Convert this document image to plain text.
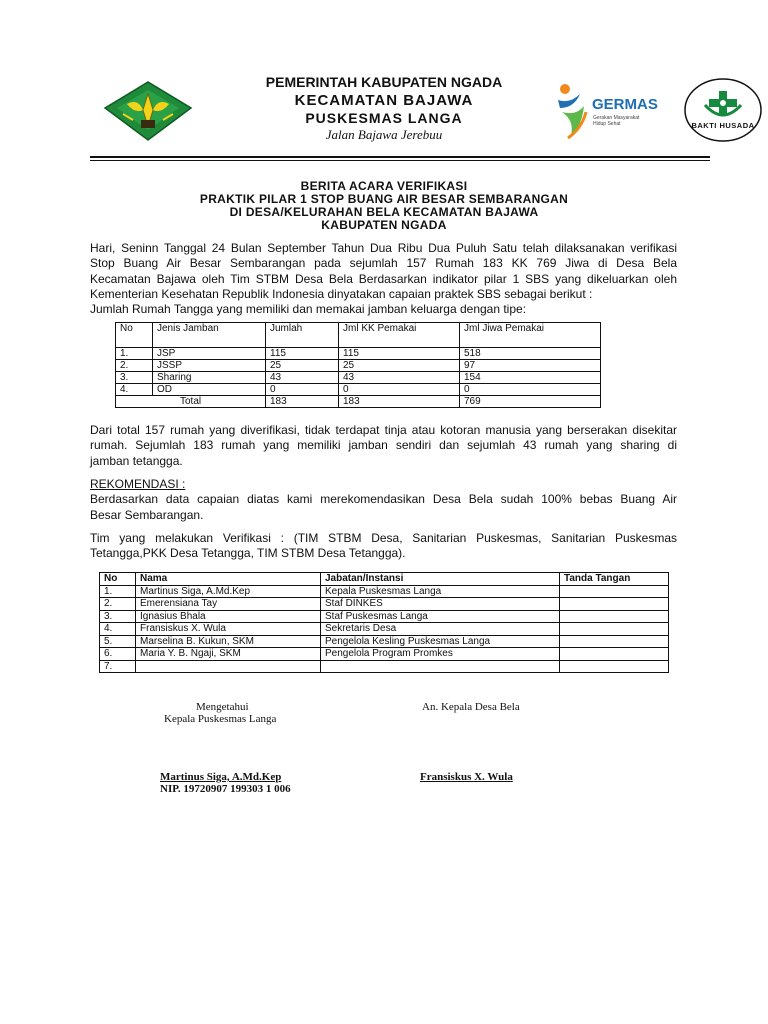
PEMERINTAH KABUPATEN NGADA
KECAMATAN BAJAWA
PUSKESMAS LANGA
Jalan Bajawa Jerebuu
GERMAS
Gerakan Masyarakat
Hidup Sehat	BAKTI HUSADA
BERITA ACARA VERIFIKASI
PRAKTIK PILAR 1 STOP BUANG AIR BESAR SEMBARANGAN
DI DESA/KELURAHAN BELA KECAMATAN BAJAWA
KABUPATEN NGADA
Hari, Seninn Tanggal 24 Bulan September Tahun Dua Ribu Dua Puluh Satu telah dilaksanakan verifikasi
Stop Buang Air Besar Sembarangan pada sejumlah 157 Rumah 183 KK 769 Jiwa di Desa Bela
Kecamatan Bajawa oleh Tim STBM Desa Bela Berdasarkan indikator pilar 1 SBS yang dikeluarkan oleh
Kementerian Kesehatan Republik Indonesia dinyatakan capaian praktek SBS sebagai berikut :
Jumlah Rumah Tangga yang memiliki dan memakai jamban keluarga dengan tipe:
No	Jenis Jamban	Jumlah	Jml KK Pemakai	Jml Jiwa Pemakai
1.	JSP	115	115	518
2.	JSSP	25	25	97
3.	Sharing	43	43	154
4.	OD	0	0	0
Total		183	183	769
Dari total 157 rumah yang diverifikasi, tidak terdapat tinja atau kotoran manusia yang berserakan disekitar
rumah. Sejumlah 183 rumah yang memiliki jamban sendiri dan sejumlah 43 rumah yang sharing di
jamban tetangga.
REKOMENDASI :
Berdasarkan data capaian diatas kami merekomendasikan Desa Bela sudah 100% bebas Buang Air
Besar Sembarangan.
Tim yang melakukan Verifikasi : (TIM STBM Desa, Sanitarian Puskesmas, Sanitarian Puskesmas
Tetangga,PKK Desa Tetangga, TIM STBM Desa Tetangga).
No	Nama	Jabatan/Instansi	Tanda Tangan
1.	Martinus Siga, A.Md.Kep	Kepala Puskesmas Langa	
2.	Emerensiana Tay	Staf DINKES	
3.	Ignasius Bhala	Staf Puskesmas Langa	
4.	Fransiskus X. Wula	Sekretaris Desa	
5.	Marselina B. Kukun, SKM	Pengelola Kesling Puskesmas Langa	
6.	Maria Y. B. Ngaji, SKM	Pengelola Program Promkes	
7.			
Mengetahui
Kepala Puskesmas Langa
An. Kepala Desa Bela
Martinus Siga, A.Md.Kep
NIP. 19720907 199303 1 006
Fransiskus X. Wula
